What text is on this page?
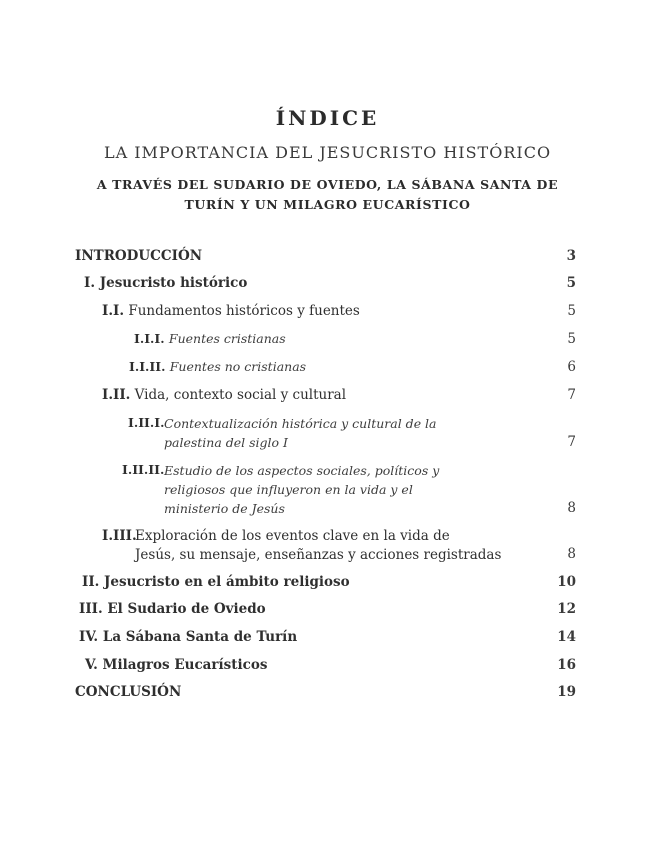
ÍNDICE
LA IMPORTANCIA DEL JESUCRISTO HISTÓRICO
A TRAVÉS DEL SUDARIO DE OVIEDO, LA SÁBANA SANTA DE TURÍN Y UN MILAGRO EUCARÍSTICO
INTRODUCCIÓN	3
I. Jesucristo histórico	5
I.I. Fundamentos históricos y fuentes	5
I.I.I. Fuentes cristianas	5
I.I.II. Fuentes no cristianas	6
I.II. Vida, contexto social y cultural	7
I.II.I. Contextualización histórica y cultural de la
palestina del siglo I	7
I.II.II. Estudio de los aspectos sociales, políticos y
religiosos que influyeron en la vida y el
ministerio de Jesús	8
I.III.
Exploración de los eventos clave en la vida de
Jesús, su mensaje, enseñanzas y acciones registradas	8
II. Jesucristo en el ámbito religioso	10
III. El Sudario de Oviedo	12
IV. La Sábana Santa de Turín	14
V. Milagros Eucarísticos	16
CONCLUSIÓN	19
